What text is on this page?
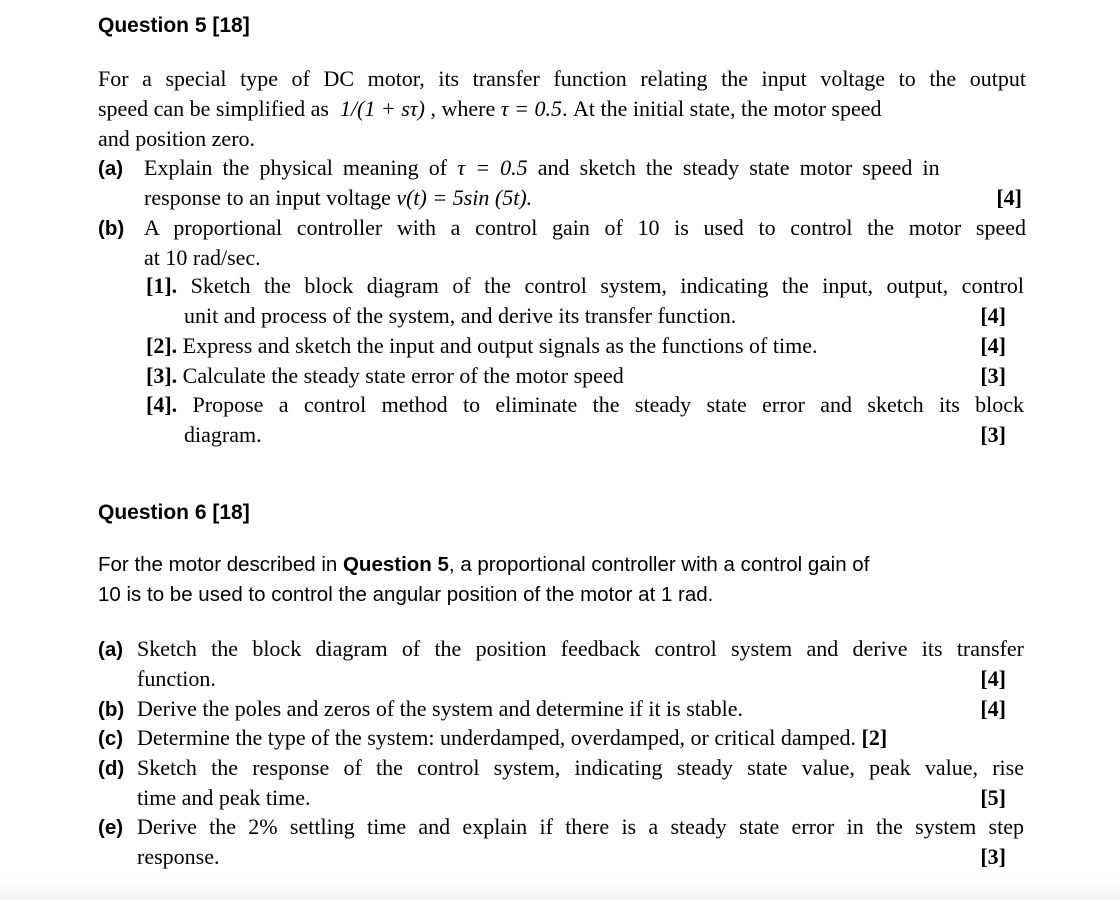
Question 5 [18]
For a special type of DC motor, its transfer function relating the input voltage to the output
speed can be simplified as 1/(1 + sτ) , where τ = 0.5. At the initial state, the motor speed
and position zero.
(a) Explain the physical meaning of τ = 0.5 and sketch the steady state motor speed in
response to an input voltage v(t) = 5sin (5t).	[4]
(b) A proportional controller with a control gain of 10 is used to control the motor speed
at 10 rad/sec.
[1]. Sketch the block diagram of the control system, indicating the input, output, control
unit and process of the system, and derive its transfer function.	[4]
[2]. Express and sketch the input and output signals as the functions of time.	[4]
[3]. Calculate the steady state error of the motor speed	[3]
[4]. Propose a control method to eliminate the steady state error and sketch its block
diagram.	[3]
Question 6 [18]
For the motor described in Question 5, a proportional controller with a control gain of
10 is to be used to control the angular position of the motor at 1 rad.
(a) Sketch the block diagram of the position feedback control system and derive its transfer
function.	[4]
(b) Derive the poles and zeros of the system and determine if it is stable.	[4]
(c) Determine the type of the system: underdamped, overdamped, or critical damped. [2]
(d) Sketch the response of the control system, indicating steady state value, peak value, rise
time and peak time.	[5]
(e) Derive the 2% settling time and explain if there is a steady state error in the system step
response.	[3]
